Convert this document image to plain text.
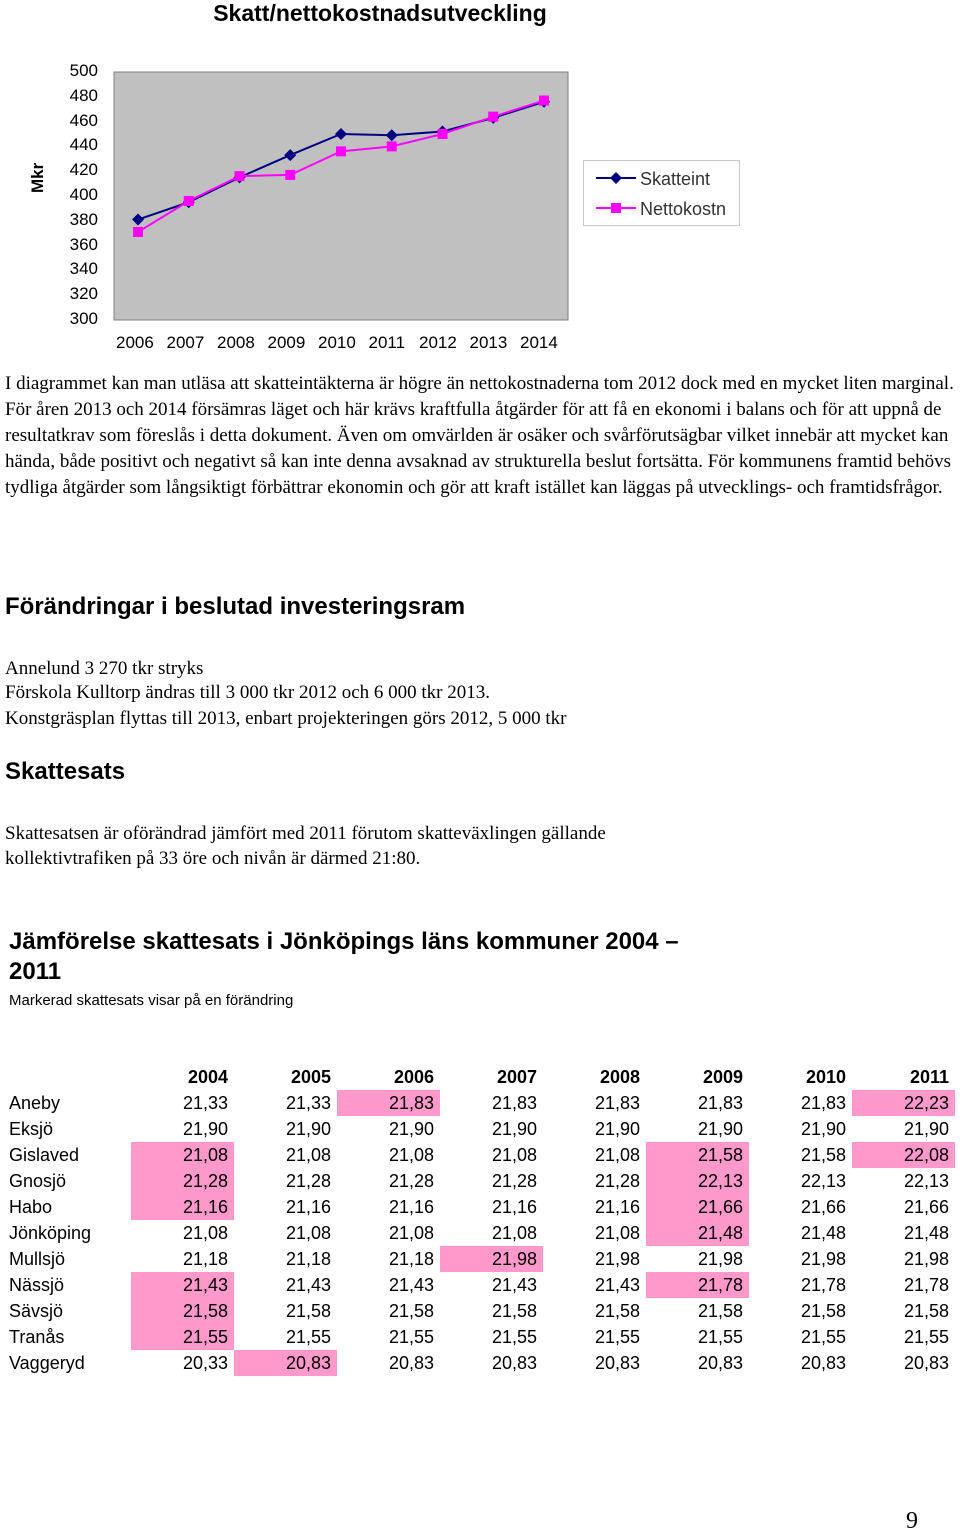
Skatt/nettokostnadsutveckling
Mkr
500
480
460
440
420
400
380
360
340
320
300
2006 2007 2008 2009 2010 2011 2012 2013 2014
Skatteint
Nettokostn
I diagrammet kan man utläsa att skatteintäkterna är högre än nettokostnaderna tom 2012 dock med en mycket liten marginal. För åren 2013 och 2014 försämras läget och här krävs kraftfulla åtgärder för att få en ekonomi i balans och för att uppnå de resultatkrav som föreslås i detta dokument. Även om omvärlden är osäker och svårförutsägbar vilket innebär att mycket kan hända, både positivt och negativt så kan inte denna avsaknad av strukturella beslut fortsätta. För kommunens framtid behövs tydliga åtgärder som långsiktigt förbättrar ekonomin och gör att kraft istället kan läggas på utvecklings- och framtidsfrågor.
Förändringar i beslutad investeringsram
Annelund 3 270 tkr stryks
Förskola Kulltorp ändras till 3 000 tkr 2012 och 6 000 tkr 2013.
Konstgräsplan flyttas till 2013, enbart projekteringen görs 2012, 5 000 tkr
Skattesats
Skattesatsen är oförändrad jämfört med 2011 förutom skatteväxlingen gällande
kollektivtrafiken på 33 öre och nivån är därmed 21:80.
Jämförelse skattesats i Jönköpings läns kommuner 2004 –
2011
Markerad skattesats visar på en förändring
	2004	2005	2006	2007	2008	2009	2010	2011
Aneby	21,33	21,33	21,83	21,83	21,83	21,83	21,83	22,23
Eksjö	21,90	21,90	21,90	21,90	21,90	21,90	21,90	21,90
Gislaved	21,08	21,08	21,08	21,08	21,08	21,58	21,58	22,08
Gnosjö	21,28	21,28	21,28	21,28	21,28	22,13	22,13	22,13
Habo	21,16	21,16	21,16	21,16	21,16	21,66	21,66	21,66
Jönköping	21,08	21,08	21,08	21,08	21,08	21,48	21,48	21,48
Mullsjö	21,18	21,18	21,18	21,98	21,98	21,98	21,98	21,98
Nässjö	21,43	21,43	21,43	21,43	21,43	21,78	21,78	21,78
Sävsjö	21,58	21,58	21,58	21,58	21,58	21,58	21,58	21,58
Tranås	21,55	21,55	21,55	21,55	21,55	21,55	21,55	21,55
Vaggeryd	20,33	20,83	20,83	20,83	20,83	20,83	20,83	20,83
9
